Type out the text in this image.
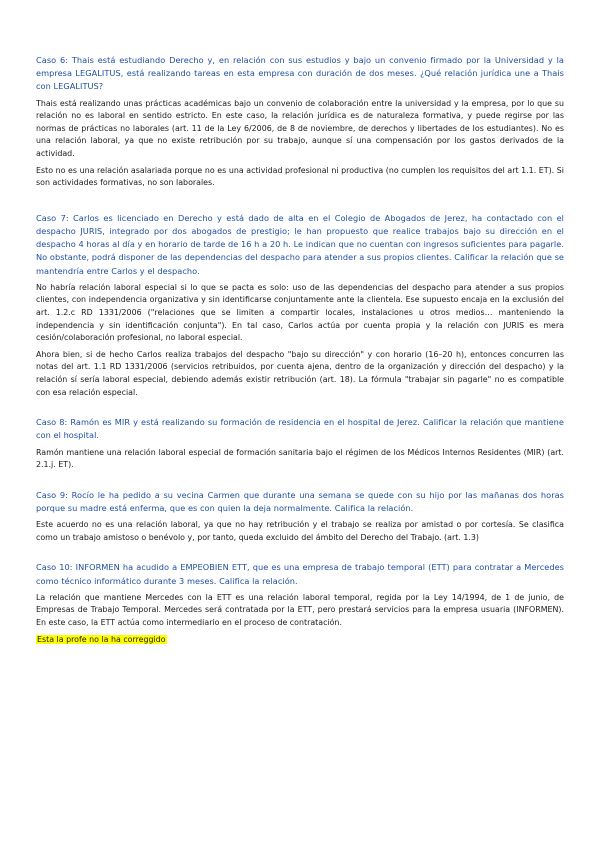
Caso 6: Thais está estudiando Derecho y, en relación con sus estudios y bajo un convenio firmado por la Universidad y la empresa LEGALITUS, está realizando tareas en esta empresa con duración de dos meses. ¿Qué relación jurídica une a Thais con LEGALITUS?

Thais está realizando unas prácticas académicas bajo un convenio de colaboración entre la universidad y la empresa, por lo que su relación no es laboral en sentido estricto. En este caso, la relación jurídica es de naturaleza formativa, y puede regirse por las normas de prácticas no laborales (art. 11 de la Ley 6/2006, de 8 de noviembre, de derechos y libertades de los estudiantes). No es una relación laboral, ya que no existe retribución por su trabajo, aunque sí una compensación por los gastos derivados de la actividad.

Esto no es una relación asalariada porque no es una actividad profesional ni productiva (no cumplen los requisitos del art 1.1. ET). Si son actividades formativas, no son laborales.

Caso 7: Carlos es licenciado en Derecho y está dado de alta en el Colegio de Abogados de Jerez, ha contactado con el despacho JURIS, integrado por dos abogados de prestigio; le han propuesto que realice trabajos bajo su dirección en el despacho 4 horas al día y en horario de tarde de 16 h a 20 h. Le indican que no cuentan con ingresos suficientes para pagarle. No obstante, podrá disponer de las dependencias del despacho para atender a sus propios clientes. Calificar la relación que se mantendría entre Carlos y el despacho.

No habría relación laboral especial si lo que se pacta es solo: uso de las dependencias del despacho para atender a sus propios clientes, con independencia organizativa y sin identificarse conjuntamente ante la clientela. Ese supuesto encaja en la exclusión del art. 1.2.c RD 1331/2006 ("relaciones que se limiten a compartir locales, instalaciones u otros medios… manteniendo la independencia y sin identificación conjunta"). En tal caso, Carlos actúa por cuenta propia y la relación con JURIS es mera cesión/colaboración profesional, no laboral especial.

Ahora bien, si de hecho Carlos realiza trabajos del despacho "bajo su dirección" y con horario (16–20 h), entonces concurren las notas del art. 1.1 RD 1331/2006 (servicios retribuidos, por cuenta ajena, dentro de la organización y dirección del despacho) y la relación sí sería laboral especial, debiendo además existir retribución (art. 18). La fórmula "trabajar sin pagarle" no es compatible con esa relación especial.

Caso 8: Ramón es MIR y está realizando su formación de residencia en el hospital de Jerez. Calificar la relación que mantiene con el hospital.

Ramón mantiene una relación laboral especial de formación sanitaria bajo el régimen de los Médicos Internos Residentes (MIR) (art. 2.1.j. ET).

Caso 9: Rocío le ha pedido a su vecina Carmen que durante una semana se quede con su hijo por las mañanas dos horas porque su madre está enferma, que es con quien la deja normalmente. Califica la relación.

Este acuerdo no es una relación laboral, ya que no hay retribución y el trabajo se realiza por amistad o por cortesía. Se clasifica como un trabajo amistoso o benévolo y, por tanto, queda excluido del ámbito del Derecho del Trabajo. (art. 1.3)

Caso 10: INFORMEN ha acudido a EMPEOBIEN ETT, que es una empresa de trabajo temporal (ETT) para contratar a Mercedes como técnico informático durante 3 meses. Califica la relación.

La relación que mantiene Mercedes con la ETT es una relación laboral temporal, regida por la Ley 14/1994, de 1 de junio, de Empresas de Trabajo Temporal. Mercedes será contratada por la ETT, pero prestará servicios para la empresa usuaria (INFORMEN). En este caso, la ETT actúa como intermediario en el proceso de contratación.

Esta la profe no la ha correggido
